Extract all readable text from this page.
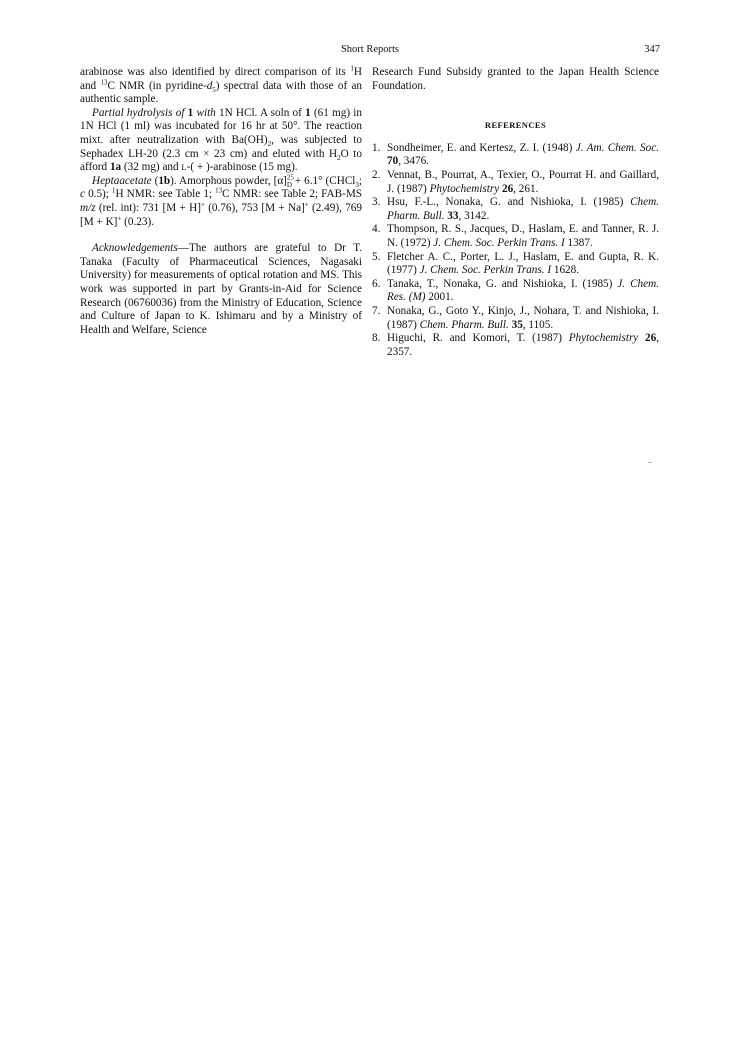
Short Reports	347

arabinose was also identified by direct comparison of its $^1$H and $^{13}$C NMR (in pyridine-$d_5$) spectral data with those of an authentic sample.

Partial hydrolysis of 1 with 1N HCl. A soln of 1 (61 mg) in 1N HCl (1 ml) was incubated for 16 hr at 50°. The reaction mixt. after neutralization with $Ba(OH)_2$, was subjected to Sephadex LH-20 (2.3 cm × 23 cm) and eluted with $H_2O$ to afford 1a (32 mg) and L-( + )-arabinose (15 mg).

Heptaacetate (1b). Amorphous powder, $[\alpha]^{25}_D + 6.1^\circ$ (CHCl$_3$; c 0.5); $^1$H NMR: see Table 1; $^{13}$C NMR: see Table 2; FAB-MS m/z (rel. int): 731 [M + H]+ (0.76), 753 [M + Na]+ (2.49), 769 [M + K]+ (0.23).

Acknowledgements—The authors are grateful to Dr T. Tanaka (Faculty of Pharmaceutical Sciences, Nagasaki University) for measurements of optical rotation and MS. This work was supported in part by Grants-in-Aid for Science Research (06760036) from the Ministry of Education, Science and Culture of Japan to K. Ishimaru and by a Ministry of Health and Welfare, Science

Research Fund Subsidy granted to the Japan Health Science Foundation.

REFERENCES
1. Sondheimer, E. and Kertesz, Z. I. (1948) J. Am. Chem. Soc. 70, 3476.
2. Vennat, B., Pourrat, A., Texier, O., Pourrat H. and Gaillard, J. (1987) Phytochemistry 26, 261.
3. Hsu, F.-L., Nonaka, G. and Nishioka, I. (1985) Chem. Pharm. Bull. 33, 3142.
4. Thompson, R. S., Jacques, D., Haslam, E. and Tanner, R. J. N. (1972) J. Chem. Soc. Perkin Trans. I 1387.
5. Fletcher A. C., Porter, L. J., Haslam, E. and Gupta, R. K. (1977) J. Chem. Soc. Perkin Trans. I 1628.
6. Tanaka, T., Nonaka, G. and Nishioka, I. (1985) J. Chem. Res. (M) 2001.
7. Nonaka, G., Goto Y., Kinjo, J., Nohara, T. and Nishioka, I. (1987) Chem. Pharm. Bull. 35, 1105.
8. Higuchi, R. and Komori, T. (1987) Phytochemistry 26, 2357.
